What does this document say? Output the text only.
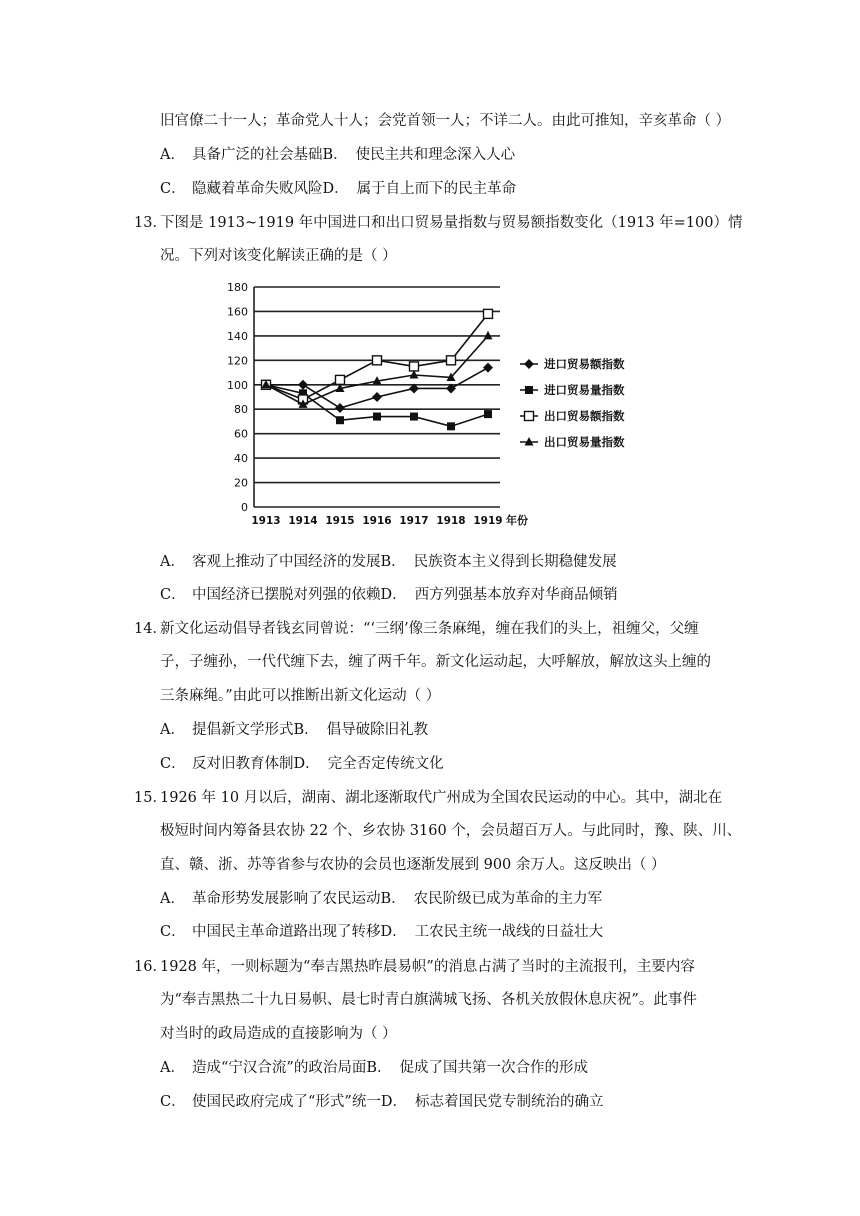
旧官僚二十一人；革命党人十人；会党首领一人；不详二人。由此可推知，辛亥革命（ ）
A． 具备广泛的社会基础B． 使民主共和理念深入人心
C． 隐藏着革命失败风险D． 属于自上而下的民主革命
13．
下图是 1913~1919 年中国进口和出口贸易量指数与贸易额指数变化（1913 年=100）情
况。下列对该变化解读正确的是（ ）
0
20
40
60
80
100
120
140
160
180
1913 1914 1915 1916 1917 1918 1919 年份
进口贸易额指数
进口贸易量指数
出口贸易额指数
出口贸易量指数
A． 客观上推动了中国经济的发展B． 民族资本主义得到长期稳健发展
C． 中国经济已摆脱对列强的依赖D． 西方列强基本放弃对华商品倾销
14．
新文化运动倡导者钱玄同曾说：“‘三纲’像三条麻绳，缠在我们的头上，祖缠父，父缠
子，子缠孙，一代代缠下去，缠了两千年。新文化运动起，大呼解放，解放这头上缠的
三条麻绳。”由此可以推断出新文化运动（ ）
A． 提倡新文学形式B． 倡导破除旧礼教
C． 反对旧教育体制D． 完全否定传统文化
15．
1926 年 10 月以后，湖南、湖北逐渐取代广州成为全国农民运动的中心。其中，湖北在
极短时间内筹备县农协 22 个、乡农协 3160 个，会员超百万人。与此同时，豫、陕、川、
直、赣、浙、苏等省参与农协的会员也逐渐发展到 900 余万人。这反映出（ ）
A． 革命形势发展影响了农民运动B． 农民阶级已成为革命的主力军
C． 中国民主革命道路出现了转移D． 工农民主统一战线的日益壮大
16．
1928 年，一则标题为“奉吉黑热昨晨易帜”的消息占满了当时的主流报刊，主要内容
为“奉吉黑热二十九日易帜、晨七时青白旗满城飞扬、各机关放假休息庆祝”。此事件
对当时的政局造成的直接影响为（ ）
A． 造成“宁汉合流”的政治局面B． 促成了国共第一次合作的形成
C． 使国民政府完成了“形式”统一D． 标志着国民党专制统治的确立
